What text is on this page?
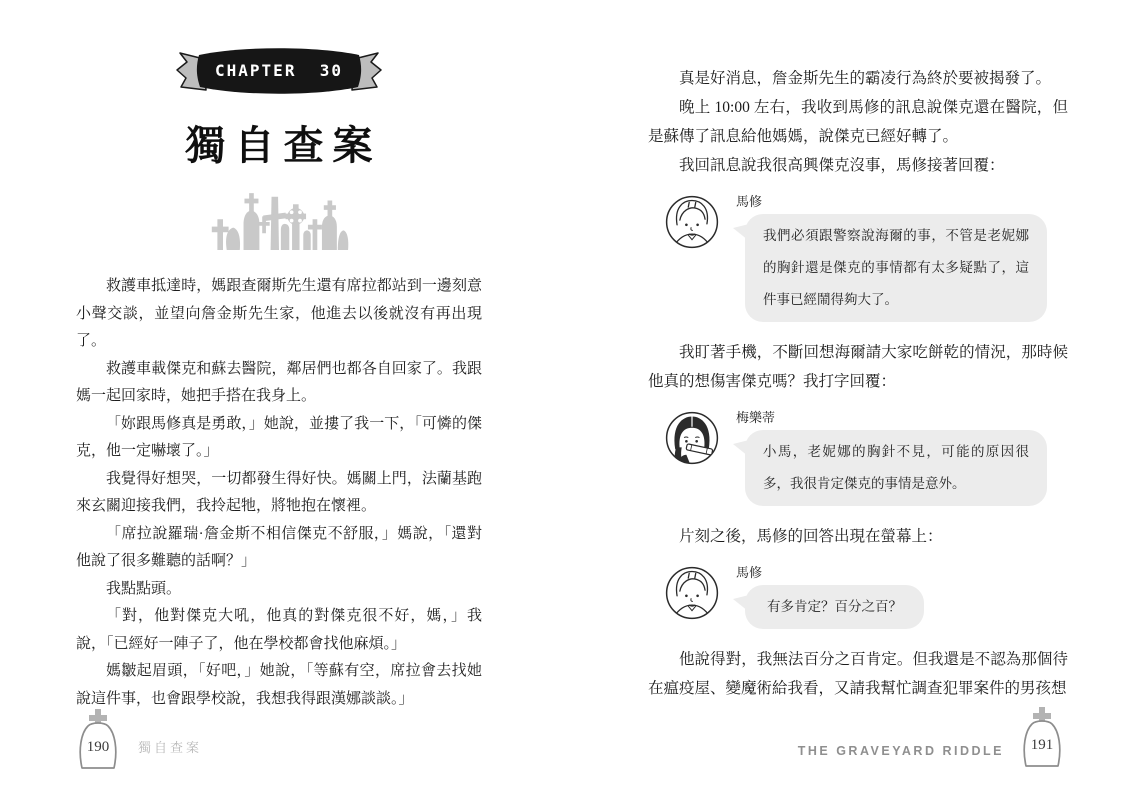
CHAPTER  30
獨自查案

救護車抵達時，媽跟查爾斯先生還有席拉都站到一邊刻意小聲交談，並望向詹金斯先生家，他進去以後就沒有再出現了。

救護車載傑克和蘇去醫院，鄰居們也都各自回家了。我跟媽一起回家時，她把手搭在我身上。

「妳跟馬修真是勇敢，」她說，並摟了我一下，「可憐的傑克，他一定嚇壞了。」

我覺得好想哭，一切都發生得好快。媽關上門，法蘭基跑來玄關迎接我們，我拎起牠，將牠抱在懷裡。

「席拉說羅瑞·詹金斯不相信傑克不舒服，」媽說，「還對他說了很多難聽的話啊？」

我點點頭。

「對，他對傑克大吼，他真的對傑克很不好，媽，」我說，「已經好一陣子了，他在學校都會找他麻煩。」

媽皺起眉頭，「好吧，」她說，「等蘇有空，席拉會去找她說這件事，也會跟學校說，我想我得跟漢娜談談。」

真是好消息，詹金斯先生的霸凌行為終於要被揭發了。

晚上 10:00 左右，我收到馬修的訊息說傑克還在醫院，但是蘇傳了訊息給他媽媽，說傑克已經好轉了。

我回訊息說我很高興傑克沒事，馬修接著回覆：

馬修
我們必須跟警察說海爾的事，不管是老妮娜的胸針還是傑克的事情都有太多疑點了，這件事已經鬧得夠大了。

我盯著手機，不斷回想海爾請大家吃餅乾的情況，那時候他真的想傷害傑克嗎？我打字回覆：

梅樂蒂
小馬，老妮娜的胸針不見，可能的原因很多，我很肯定傑克的事情是意外。

片刻之後，馬修的回答出現在螢幕上：

馬修
有多肯定？百分之百？

他說得對，我無法百分之百肯定。但我還是不認為那個待在瘟疫屋、變魔術給我看，又請我幫忙調查犯罪案件的男孩想

190	獨自查案	THE GRAVEYARD RIDDLE	191
